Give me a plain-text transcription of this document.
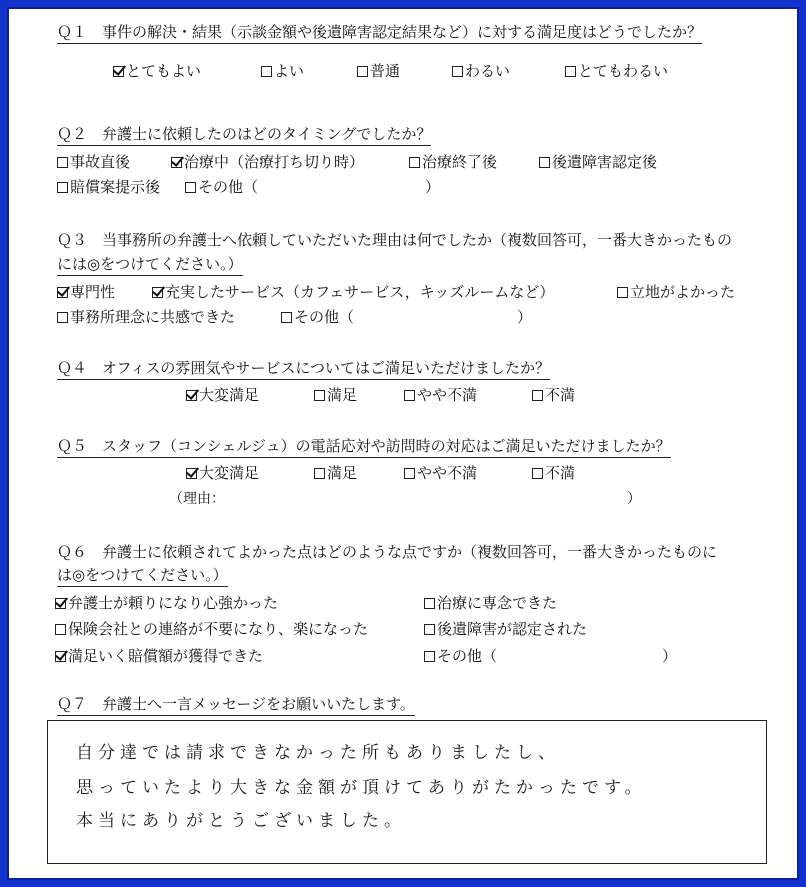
Ｑ１　事件の解決・結果（示談金額や後遺障害認定結果など）に対する満足度はどうでしたか？
とてもよい	よい	普通	わるい	とてもわるい
Ｑ２　弁護士に依頼したのはどのタイミングでしたか？
事故直後	治療中（治療打ち切り時）	治療終了後	後遺障害認定後
賠償案提示後	その他（	）
Ｑ３　当事務所の弁護士へ依頼していただいた理由は何でしたか（複数回答可，一番大きかったもの
には◎をつけてください。）
専門性	充実したサービス（カフェサービス，キッズルームなど）	立地がよかった
事務所理念に共感できた	その他（	）
Ｑ４　オフィスの雰囲気やサービスについてはご満足いただけましたか？
大変満足	満足	やや不満	不満
Ｑ５　スタッフ（コンシェルジュ）の電話応対や訪問時の対応はご満足いただけましたか？
大変満足	満足	やや不満	不満
（理由：	）
Ｑ６　弁護士に依頼されてよかった点はどのような点ですか（複数回答可，一番大きかったものに
は◎をつけてください。）
弁護士が頼りになり心強かった	治療に専念できた
保険会社との連絡が不要になり、楽になった	後遺障害が認定された
満足いく賠償額が獲得できた	その他（	）
Ｑ７　弁護士へ一言メッセージをお願いいたします。
自分達では請求できなかった所もありましたし、
思っていたより大きな金額が頂けてありがたかったです。
本当にありがとうございました。
